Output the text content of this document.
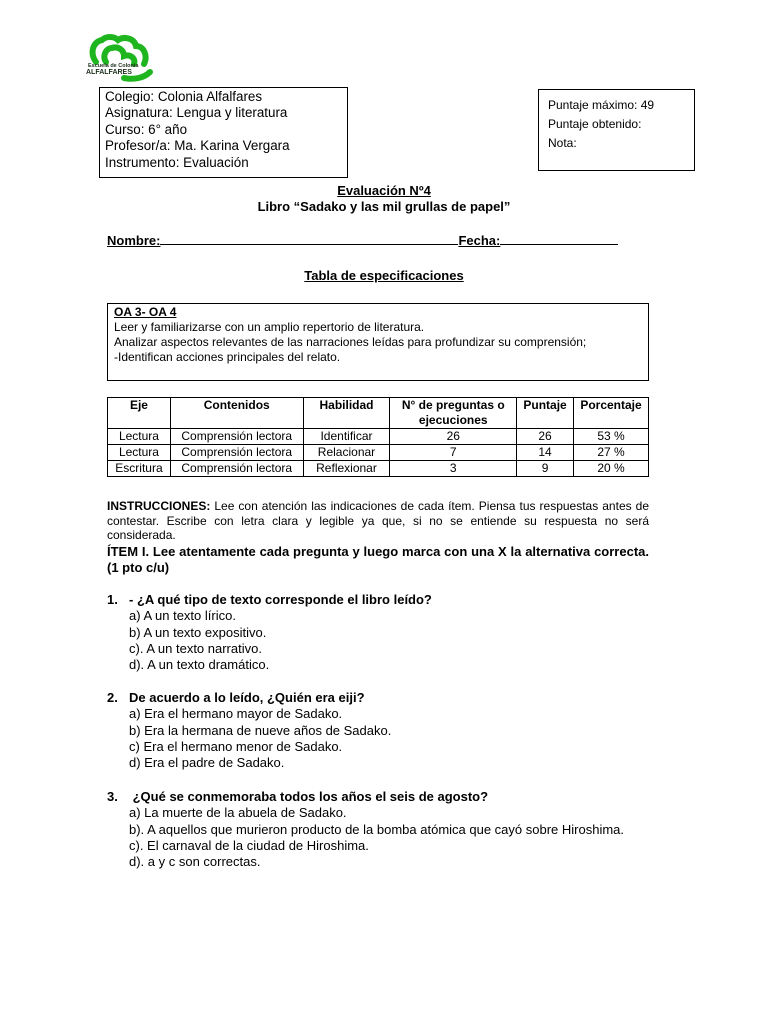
Escuela de Colonia
ALFALFARES
Colegio: Colonia Alfalfares
Asignatura: Lengua y literatura
Curso: 6° año
Profesor/a: Ma. Karina Vergara
Instrumento: Evaluación
Puntaje máximo: 49
Puntaje obtenido:
Nota:
Evaluación Nº4
Libro “Sadako y las mil grullas de papel”
Nombre:	Fecha:
Tabla de especificaciones
OA 3- OA 4
Leer y familiarizarse con un amplio repertorio de literatura.
Analizar aspectos relevantes de las narraciones leídas para profundizar su comprensión;
-Identifican acciones principales del relato.
Eje	Contenidos	Habilidad	N° de preguntas o ejecuciones	Puntaje	Porcentaje
Lectura	Comprensión lectora	Identificar	26	26	53 %
Lectura	Comprensión lectora	Relacionar	7	14	27 %
Escritura	Comprensión lectora	Reflexionar	3	9	20 %
INSTRUCCIONES: Lee con atención las indicaciones de cada ítem. Piensa tus respuestas antes de contestar. Escribe con letra clara y legible ya que, si no se entiende su respuesta no será considerada.
ÍTEM I. Lee atentamente cada pregunta y luego marca con una X la alternativa correcta. (1 pto c/u)
1. - ¿A qué tipo de texto corresponde el libro leído?
a) A un texto lírico.
b) A un texto expositivo.
c). A un texto narrativo.
d). A un texto dramático.
2. De acuerdo a lo leído, ¿Quién era eiji?
a) Era el hermano mayor de Sadako.
b) Era la hermana de nueve años de Sadako.
c) Era el hermano menor de Sadako.
d) Era el padre de Sadako.
3. ¿Qué se conmemoraba todos los años el seis de agosto?
a) La muerte de la abuela de Sadako.
b). A aquellos que murieron producto de la bomba atómica que cayó sobre Hiroshima.
c). El carnaval de la ciudad de Hiroshima.
d). a y c son correctas.
